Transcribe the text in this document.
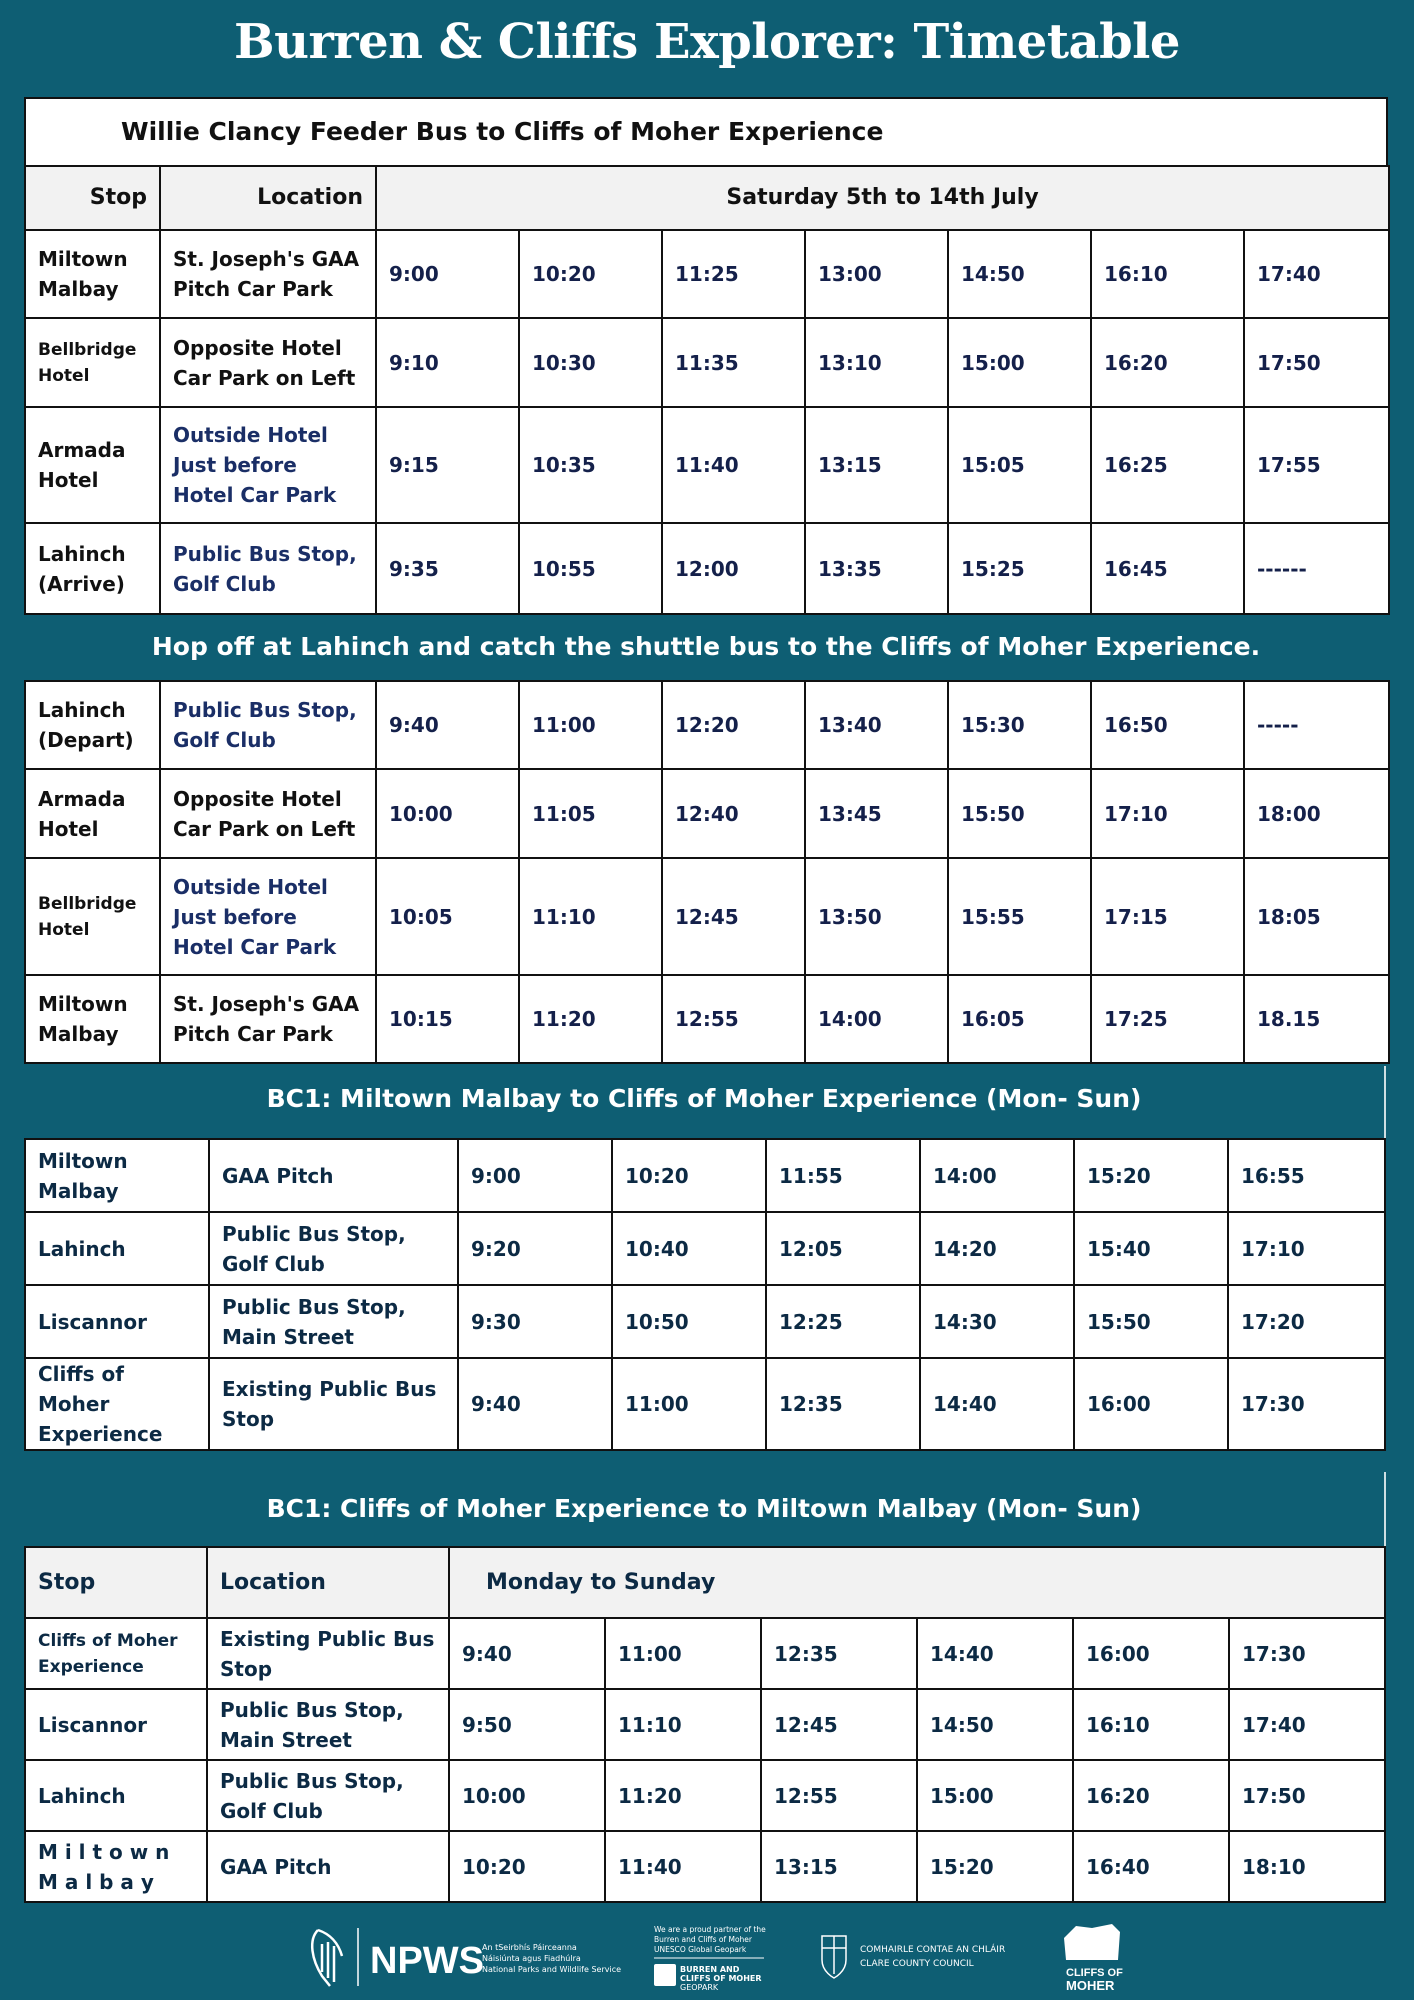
Burren & Cliffs Explorer: Timetable
Willie Clancy Feeder Bus to Cliffs of Moher Experience
Stop	Location	Saturday 5th to 14th July						
Miltown Malbay	St. Joseph's GAA Pitch Car Park	9:00	10:20	11:25	13:00	14:50	16:10	17:40
Bellbridge Hotel	Opposite Hotel Car Park on Left	9:10	10:30	11:35	13:10	15:00	16:20	17:50
Armada Hotel	Outside Hotel Just before Hotel Car Park	9:15	10:35	11:40	13:15	15:05	16:25	17:55
Lahinch (Arrive)	Public Bus Stop, Golf Club	9:35	10:55	12:00	13:35	15:25	16:45	------
Hop off at Lahinch and catch the shuttle bus to the Cliffs of Moher Experience.
Lahinch (Depart)	Public Bus Stop, Golf Club	9:40	11:00	12:20	13:40	15:30	16:50	-----
Armada Hotel	Opposite Hotel Car Park on Left	10:00	11:05	12:40	13:45	15:50	17:10	18:00
Bellbridge Hotel	Outside Hotel Just before Hotel Car Park	10:05	11:10	12:45	13:50	15:55	17:15	18:05
Miltown Malbay	St. Joseph's GAA Pitch Car Park	10:15	11:20	12:55	14:00	16:05	17:25	18.15
BC1: Miltown Malbay to Cliffs of Moher Experience (Mon- Sun)
Miltown Malbay	GAA Pitch	9:00	10:20	11:55	14:00	15:20	16:55
Lahinch	Public Bus Stop, Golf Club	9:20	10:40	12:05	14:20	15:40	17:10
Liscannor	Public Bus Stop, Main Street	9:30	10:50	12:25	14:30	15:50	17:20
Cliffs of Moher Experience	Existing Public Bus Stop	9:40	11:00	12:35	14:40	16:00	17:30
BC1: Cliffs of Moher Experience to Miltown Malbay (Mon- Sun)
Stop	Location	Monday to Sunday					
Cliffs of Moher Experience	Existing Public Bus Stop	9:40	11:00	12:35	14:40	16:00	17:30
Liscannor	Public Bus Stop, Main Street	9:50	11:10	12:45	14:50	16:10	17:40
Lahinch	Public Bus Stop, Golf Club	10:00	11:20	12:55	15:00	16:20	17:50
M i l t o w n M a l b a y	GAA Pitch	10:20	11:40	13:15	15:20	16:40	18:10
NPWS
An tSeirbhís Páirceanna
Náisiúnta agus Fiadhúlra
National Parks and Wildlife Service
We are a proud partner of the
Burren and Cliffs of Moher
UNESCO Global Geopark
BURREN AND
CLIFFS OF MOHER
GEOPARK
COMHAIRLE CONTAE AN CHLÁIR
CLARE COUNTY COUNCIL
CLIFFS OF
MOHER
